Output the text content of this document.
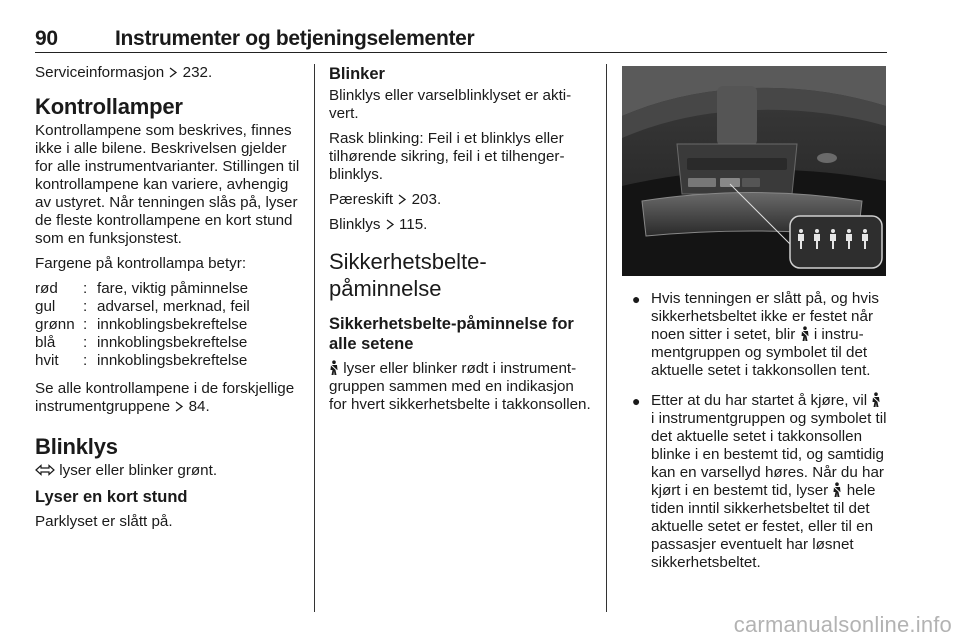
90	Instrumenter og betjeningselementer

Serviceinformasjon 232.

Kontrollamper

Kontrollampene som beskrives, finnes ikke i alle bilene. Beskrivelsen gjelder for alle instrumentvarianter. Stillingen til kontrollampene kan variere, avhengig av ustyret. Når tenningen slås på, lyser de fleste kontrollampene en kort stund som en funksjonstest.

Fargene på kontrollampa betyr:

rød	:	fare, viktig påminnelse
gul	:	advarsel, merknad, feil
grønn	:	innkoblingsbekreftelse
blå	:	innkoblingsbekreftelse
hvit	:	innkoblingsbekreftelse

Se alle kontrollampene i de forskjellige instrumentgruppene 84.

Blinklys

lyser eller blinker grønt.

Lyser en kort stund

Parklyset er slått på.

Blinker

Blinklys eller varselblinklyset er aktivert.

Rask blinking: Feil i et blinklys eller tilhørende sikring, feil i et tilhengerblinklys.

Pæreskift 203.

Blinklys 115.

Sikkerhetsbelte-
påminnelse
Sikkerhetsbelte-påminnelse for alle setene

lyser eller blinker rødt i instrumentgruppen sammen med en indikasjon for hvert sikkerhetsbelte i takkonsollen.

● Hvis tenningen er slått på, og hvis sikkerhetsbeltet ikke er festet når noen sitter i setet, blir i instrumentgruppen og symbolet til det aktuelle setet i takkonsollen tent.
● Etter at du har startet å kjøre, vil  i instrumentgruppen og symbolet til det aktuelle setet i takkonsollen blinke i en bestemt tid, og samtidig kan en varsellyd høres. Når du har kjørt i en bestemt tid, lyser hele tiden inntil sikkerhetsbeltet til det aktuelle setet er festet, eller til en passasjer eventuelt har løsnet sikkerhetsbeltet.
carmanualsonline.info
